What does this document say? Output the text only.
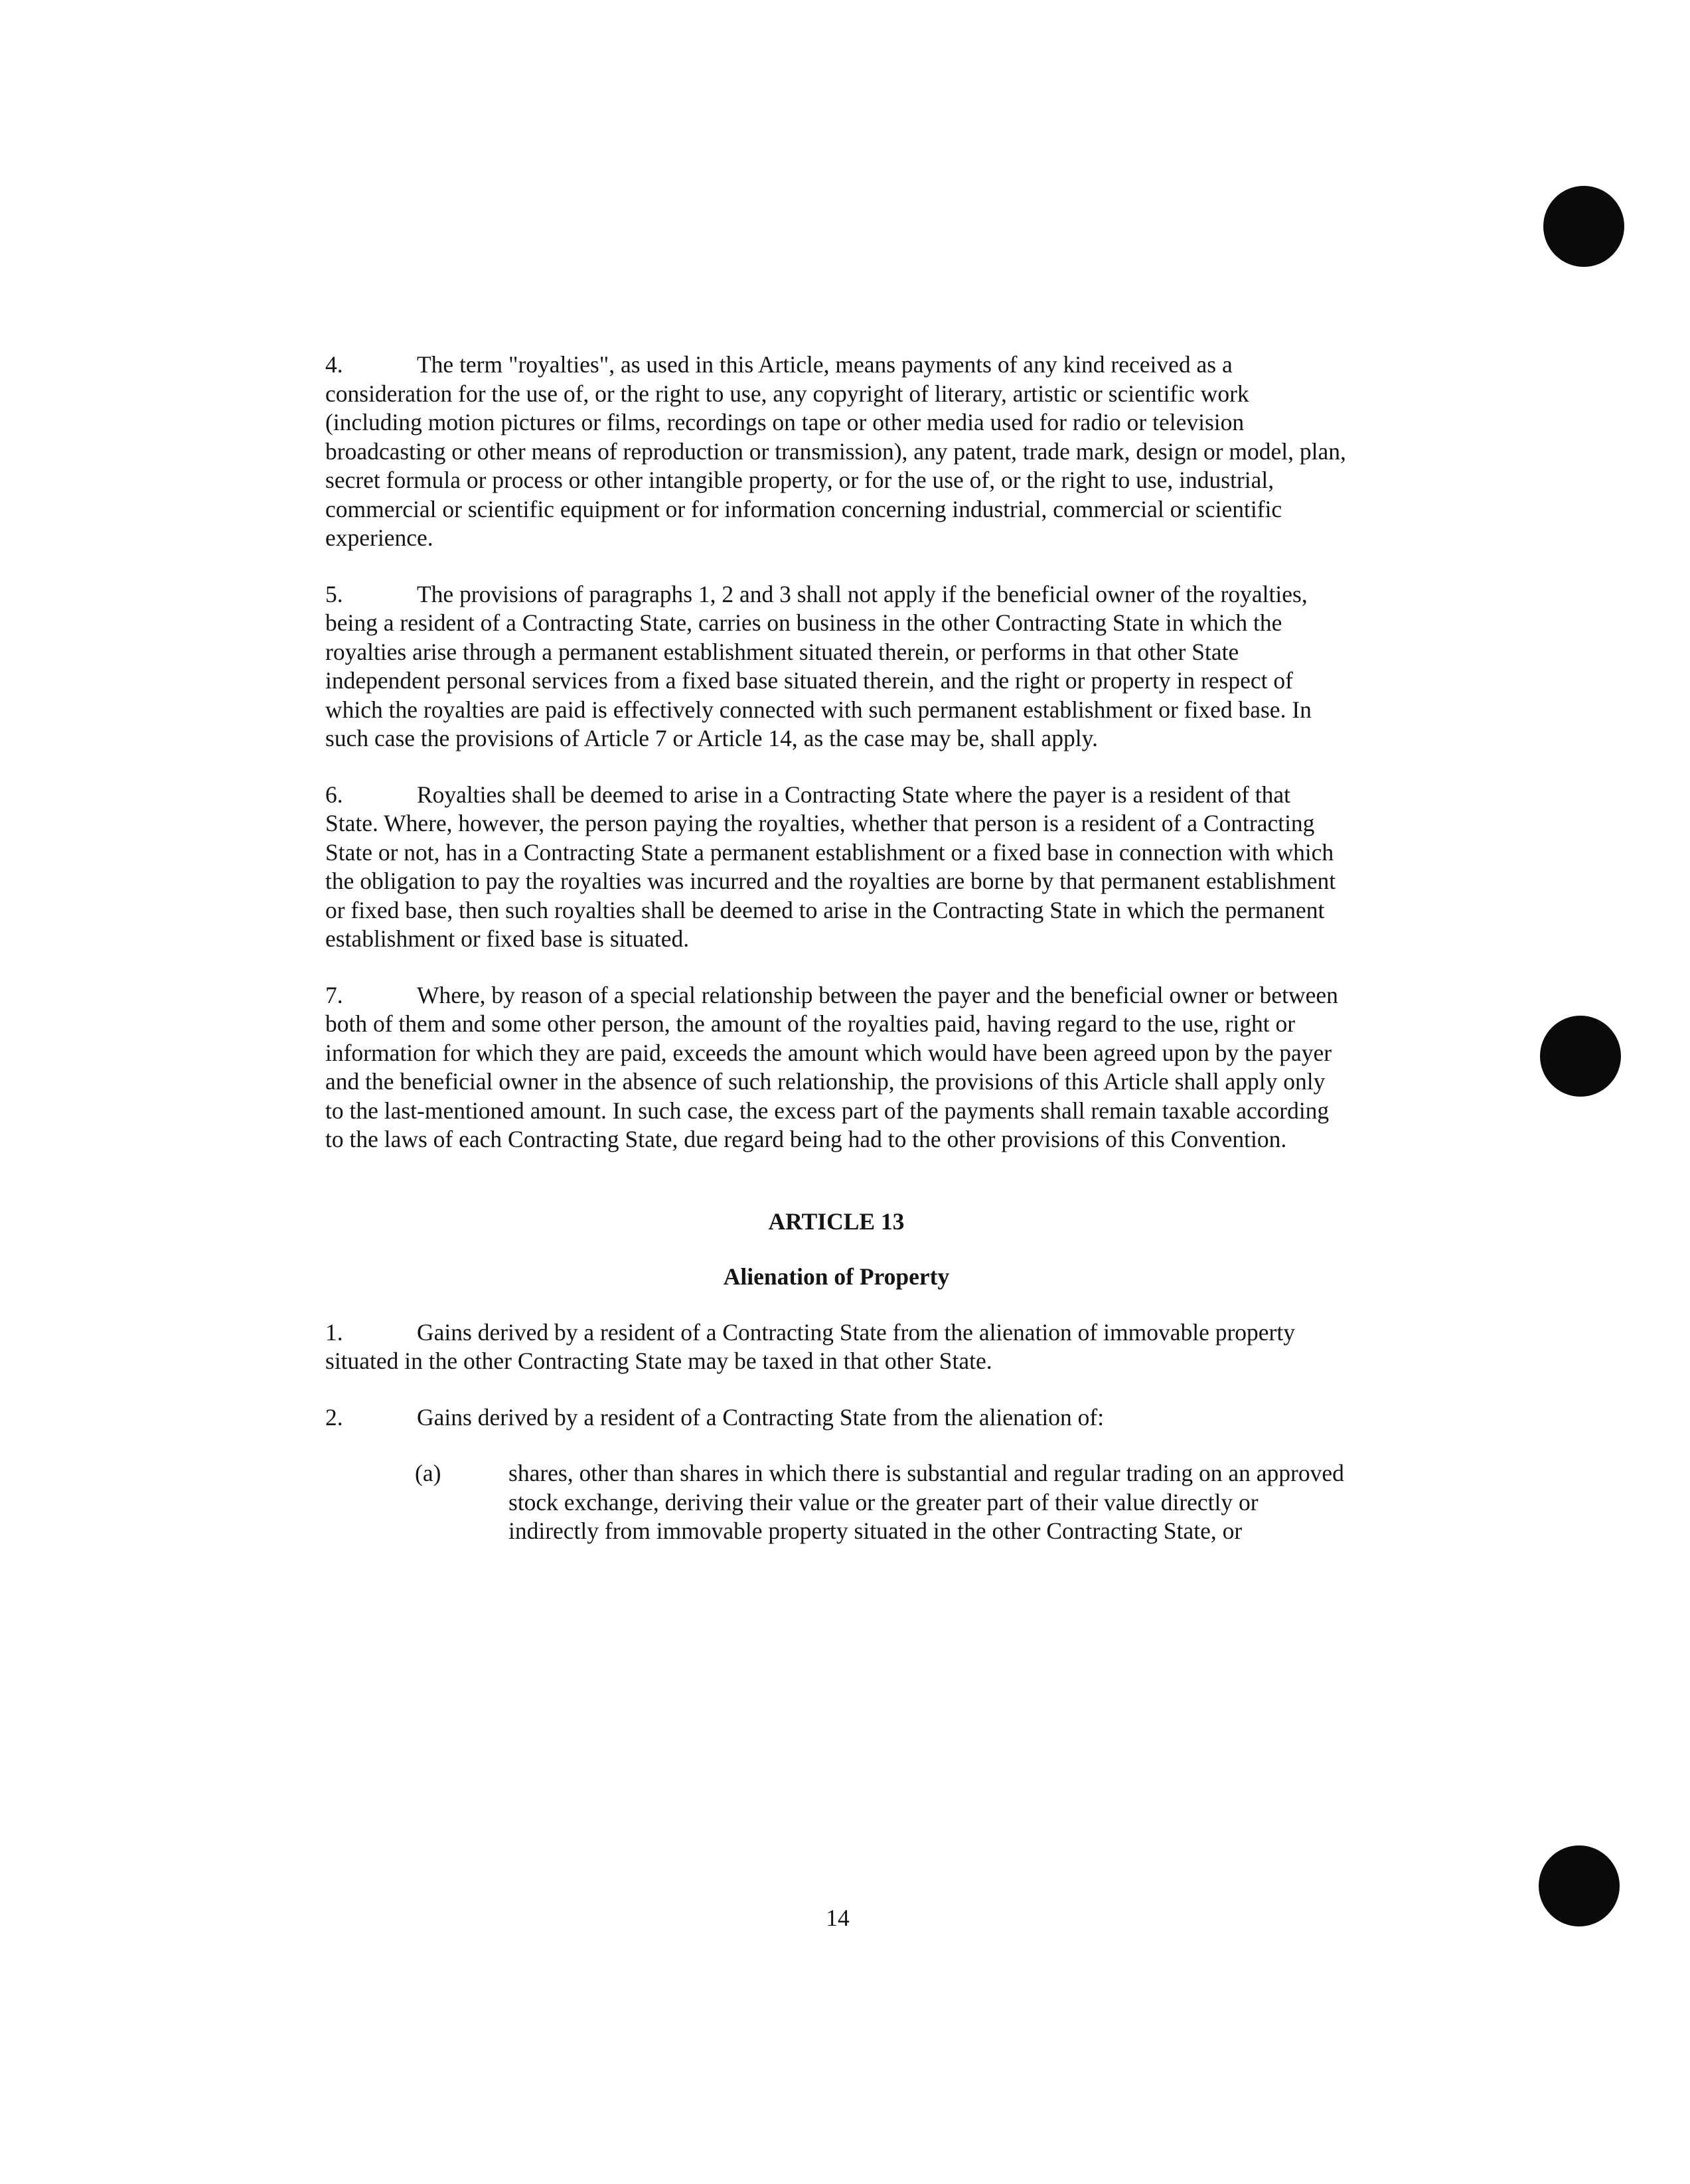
4.	The term "royalties", as used in this Article, means payments of any kind received as a consideration for the use of, or the right to use, any copyright of literary, artistic or scientific work (including motion pictures or films, recordings on tape or other media used for radio or television broadcasting or other means of reproduction or transmission), any patent, trade mark, design or model, plan, secret formula or process or other intangible property, or for the use of, or the right to use, industrial, commercial or scientific equipment or for information concerning industrial, commercial or scientific experience.

5.	The provisions of paragraphs 1, 2 and 3 shall not apply if the beneficial owner of the royalties, being a resident of a Contracting State, carries on business in the other Contracting State in which the royalties arise through a permanent establishment situated therein, or performs in that other State independent personal services from a fixed base situated therein, and the right or property in respect of which the royalties are paid is effectively connected with such permanent establishment or fixed base. In such case the provisions of Article 7 or Article 14, as the case may be, shall apply.

6.	Royalties shall be deemed to arise in a Contracting State where the payer is a resident of that State. Where, however, the person paying the royalties, whether that person is a resident of a Contracting State or not, has in a Contracting State a permanent establishment or a fixed base in connection with which the obligation to pay the royalties was incurred and the royalties are borne by that permanent establishment or fixed base, then such royalties shall be deemed to arise in the Contracting State in which the permanent establishment or fixed base is situated.

7.	Where, by reason of a special relationship between the payer and the beneficial owner or between both of them and some other person, the amount of the royalties paid, having regard to the use, right or information for which they are paid, exceeds the amount which would have been agreed upon by the payer and the beneficial owner in the absence of such relationship, the provisions of this Article shall apply only to the last-mentioned amount. In such case, the excess part of the payments shall remain taxable according to the laws of each Contracting State, due regard being had to the other provisions of this Convention.

ARTICLE 13

Alienation of Property

1.	Gains derived by a resident of a Contracting State from the alienation of immovable property situated in the other Contracting State may be taxed in that other State.

2.	Gains derived by a resident of a Contracting State from the alienation of:

(a)	shares, other than shares in which there is substantial and regular trading on an approved stock exchange, deriving their value or the greater part of their value directly or indirectly from immovable property situated in the other Contracting State, or

14
